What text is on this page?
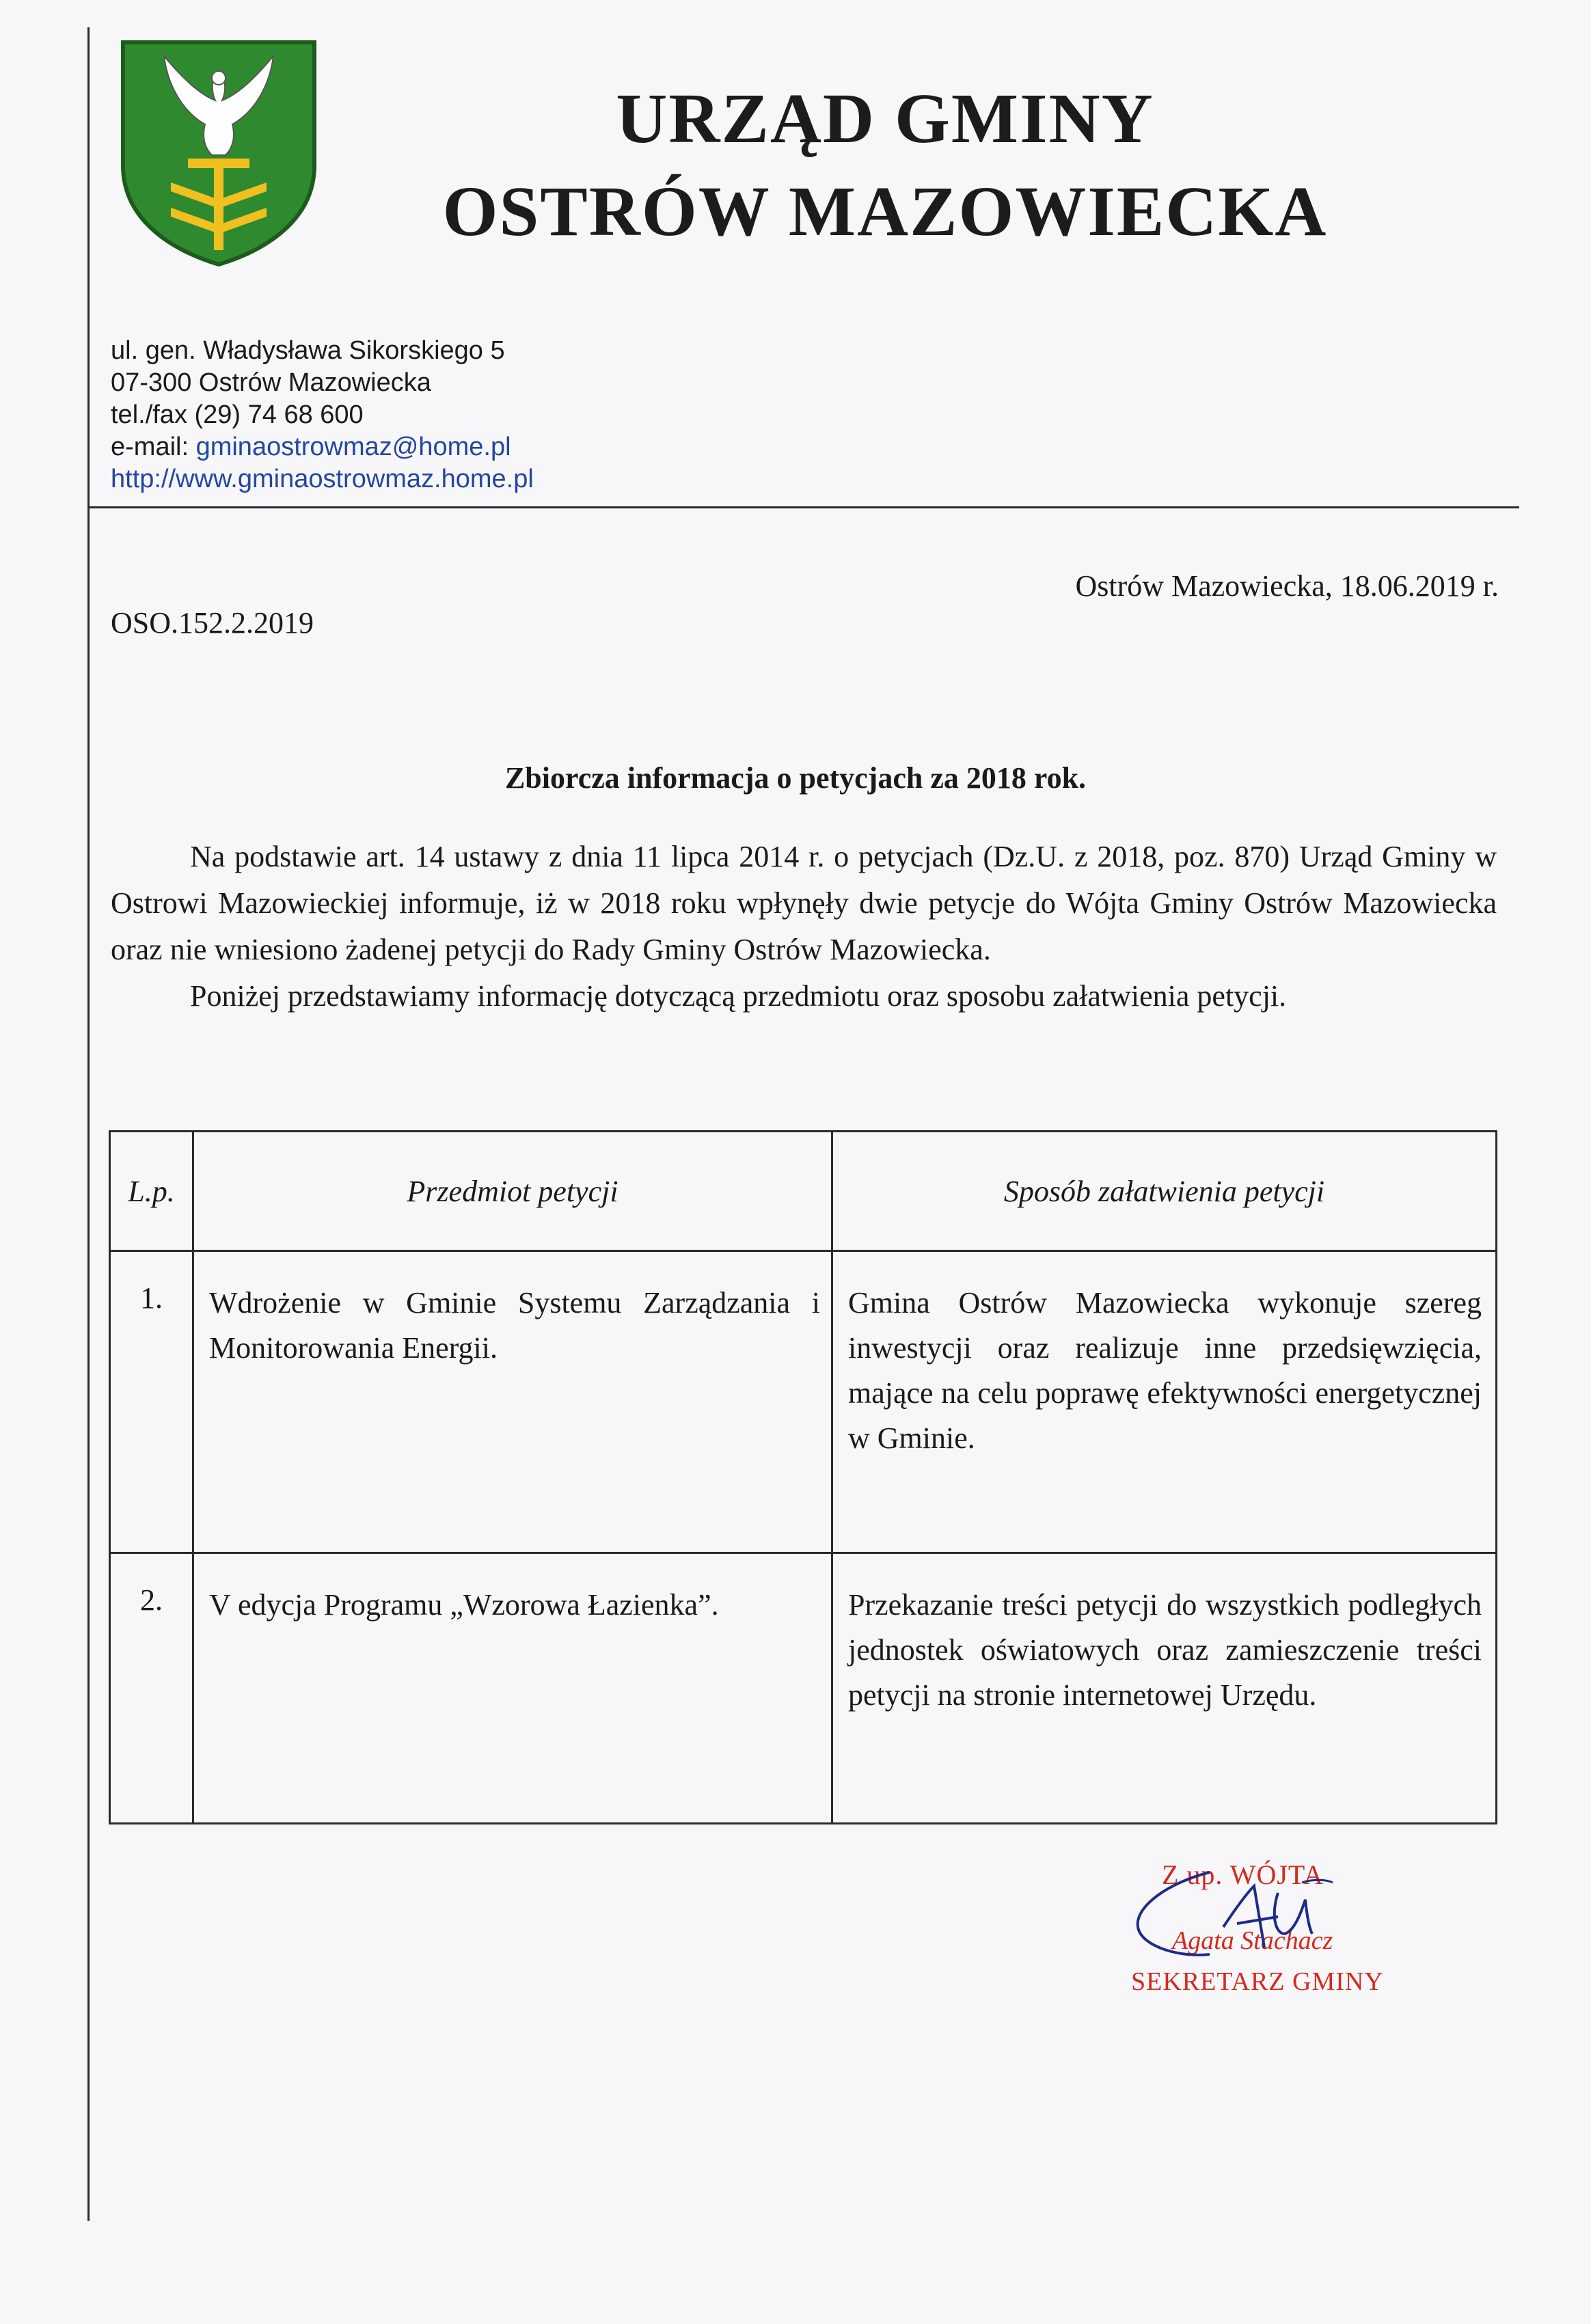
URZĄD GMINY
OSTRÓW MAZOWIECKA
ul. gen. Władysława Sikorskiego 5
07-300 Ostrów Mazowiecka
tel./fax (29) 74 68 600
e-mail: gminaostrowmaz@home.pl
http://www.gminaostrowmaz.home.pl
Ostrów Mazowiecka, 18.06.2019 r.
OSO.152.2.2019
Zbiorcza informacja o petycjach za 2018 rok.

Na podstawie art. 14 ustawy z dnia 11 lipca 2014 r. o petycjach (Dz.U. z 2018, poz. 870) Urząd Gminy w Ostrowi Mazowieckiej informuje, iż w 2018 roku wpłynęły dwie petycje do Wójta Gminy Ostrów Mazowiecka oraz nie wniesiono żadenej petycji do Rady Gminy Ostrów Mazowiecka.

Poniżej przedstawiamy informację dotyczącą przedmiotu oraz sposobu załatwienia petycji.

L.p.	Przedmiot petycji	Sposób załatwienia petycji
1.	Wdrożenie w Gminie Systemu Zarządzania i Monitorowania Energii.	Gmina Ostrów Mazowiecka wykonuje szereg inwestycji oraz realizuje inne przedsięwzięcia, mające na celu poprawę efektywności energetycznej w Gminie.
2.	V edycja Programu „Wzorowa Łazienka”.	Przekazanie treści petycji do wszystkich podległych jednostek oświatowych oraz zamieszczenie treści petycji na stronie internetowej Urzędu.
Z up. WÓJTA
Agata Stachacz
SEKRETARZ GMINY
